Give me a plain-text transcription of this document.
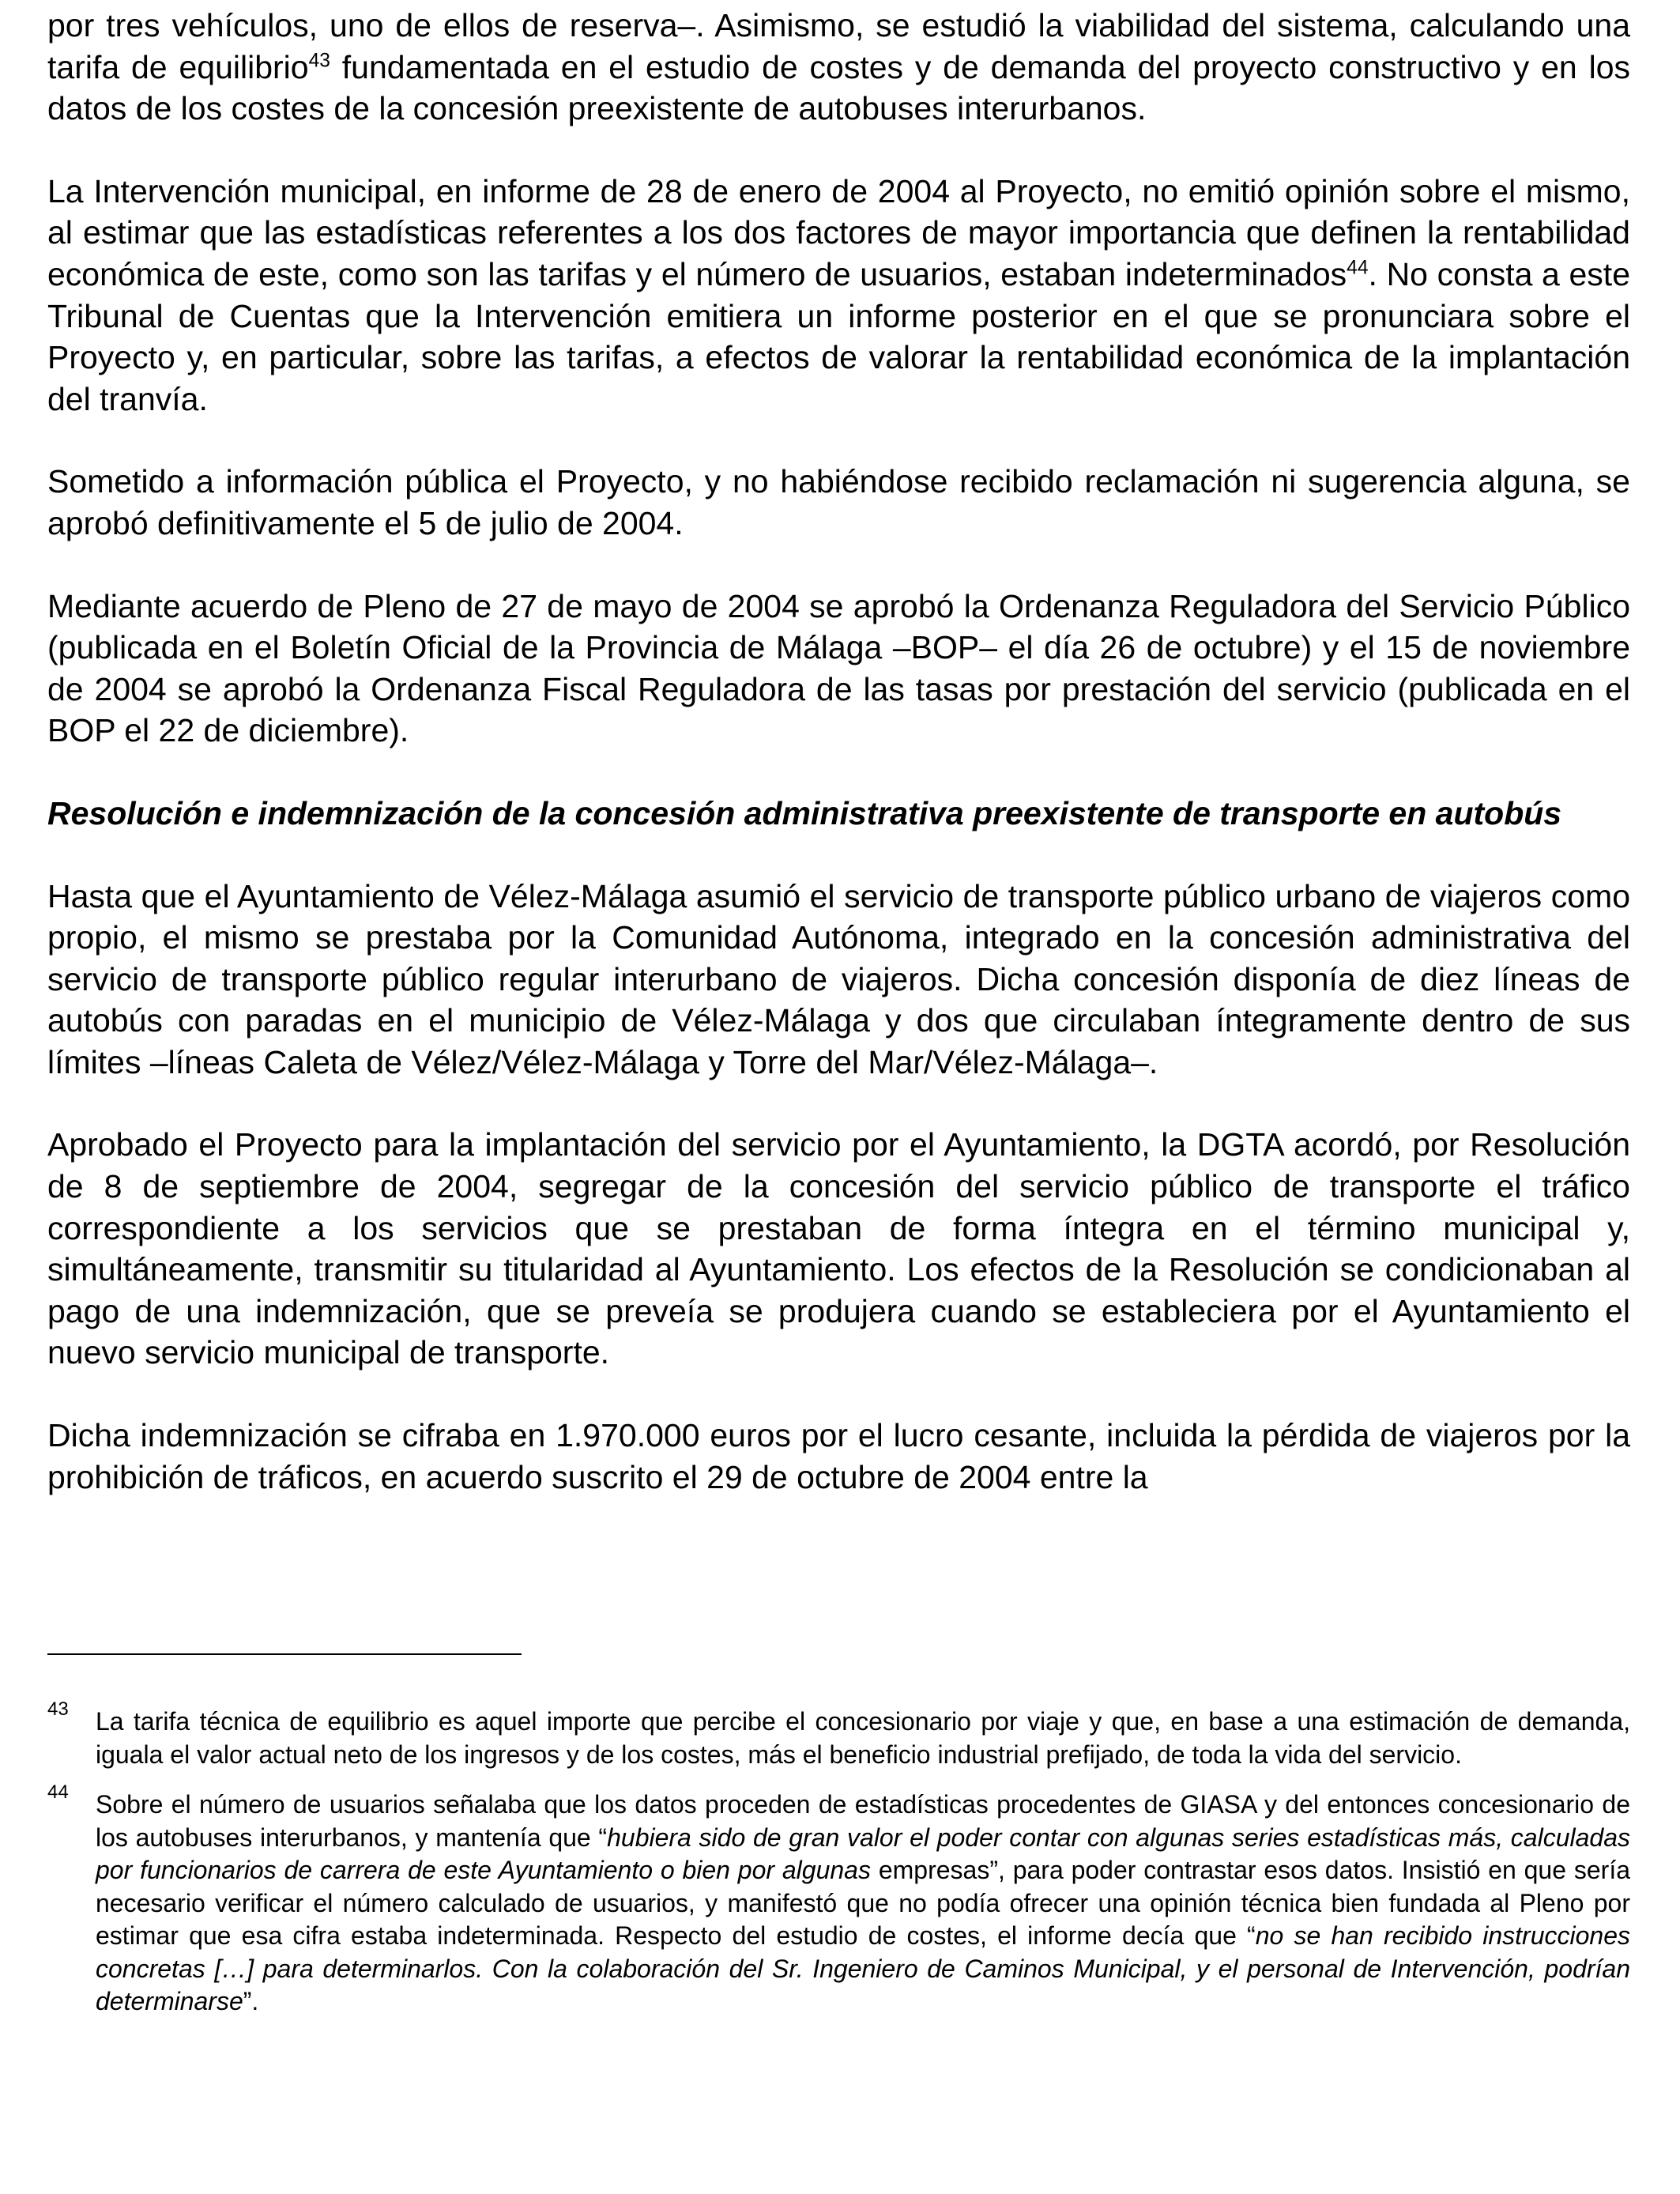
por tres vehículos, uno de ellos de reserva–. Asimismo, se estudió la viabilidad del sistema, calculando una tarifa de equilibrio$^{43}$ fundamentada en el estudio de costes y de demanda del proyecto constructivo y en los datos de los costes de la concesión preexistente de autobuses interurbanos.

La Intervención municipal, en informe de 28 de enero de 2004 al Proyecto, no emitió opinión sobre el mismo, al estimar que las estadísticas referentes a los dos factores de mayor importancia que definen la rentabilidad económica de este, como son las tarifas y el número de usuarios, estaban indeterminados$^{44}$. No consta a este Tribunal de Cuentas que la Intervención emitiera un informe posterior en el que se pronunciara sobre el Proyecto y, en particular, sobre las tarifas, a efectos de valorar la rentabilidad económica de la implantación del tranvía.

Sometido a información pública el Proyecto, y no habiéndose recibido reclamación ni sugerencia alguna, se aprobó definitivamente el 5 de julio de 2004.

Mediante acuerdo de Pleno de 27 de mayo de 2004 se aprobó la Ordenanza Reguladora del Servicio Público (publicada en el Boletín Oficial de la Provincia de Málaga –BOP– el día 26 de octubre) y el 15 de noviembre de 2004 se aprobó la Ordenanza Fiscal Reguladora de las tasas por prestación del servicio (publicada en el BOP el 22 de diciembre).

Resolución e indemnización de la concesión administrativa preexistente de transporte en autobús

Hasta que el Ayuntamiento de Vélez-Málaga asumió el servicio de transporte público urbano de viajeros como propio, el mismo se prestaba por la Comunidad Autónoma, integrado en la concesión administrativa del servicio de transporte público regular interurbano de viajeros. Dicha concesión disponía de diez líneas de autobús con paradas en el municipio de Vélez-Málaga y dos que circulaban íntegramente dentro de sus límites –líneas Caleta de Vélez/Vélez-Málaga y Torre del Mar/Vélez-Málaga–.

Aprobado el Proyecto para la implantación del servicio por el Ayuntamiento, la DGTA acordó, por Resolución de 8 de septiembre de 2004, segregar de la concesión del servicio público de transporte el tráfico correspondiente a los servicios que se prestaban de forma íntegra en el término municipal y, simultáneamente, transmitir su titularidad al Ayuntamiento. Los efectos de la Resolución se condicionaban al pago de una indemnización, que se preveía se produjera cuando se estableciera por el Ayuntamiento el nuevo servicio municipal de transporte.

Dicha indemnización se cifraba en 1.970.000 euros por el lucro cesante, incluida la pérdida de viajeros por la prohibición de tráficos, en acuerdo suscrito el 29 de octubre de 2004 entre la

43 La tarifa técnica de equilibrio es aquel importe que percibe el concesionario por viaje y que, en base a una estimación de demanda, iguala el valor actual neto de los ingresos y de los costes, más el beneficio industrial prefijado, de toda la vida del servicio.

44 Sobre el número de usuarios señalaba que los datos proceden de estadísticas procedentes de GIASA y del entonces concesionario de los autobuses interurbanos, y mantenía que “hubiera sido de gran valor el poder contar con algunas series estadísticas más, calculadas por funcionarios de carrera de este Ayuntamiento o bien por algunas empresas”, para poder contrastar esos datos. Insistió en que sería necesario verificar el número calculado de usuarios, y manifestó que no podía ofrecer una opinión técnica bien fundada al Pleno por estimar que esa cifra estaba indeterminada. Respecto del estudio de costes, el informe decía que “no se han recibido instrucciones concretas […] para determinarlos. Con la colaboración del Sr. Ingeniero de Caminos Municipal, y el personal de Intervención, podrían determinarse”.
